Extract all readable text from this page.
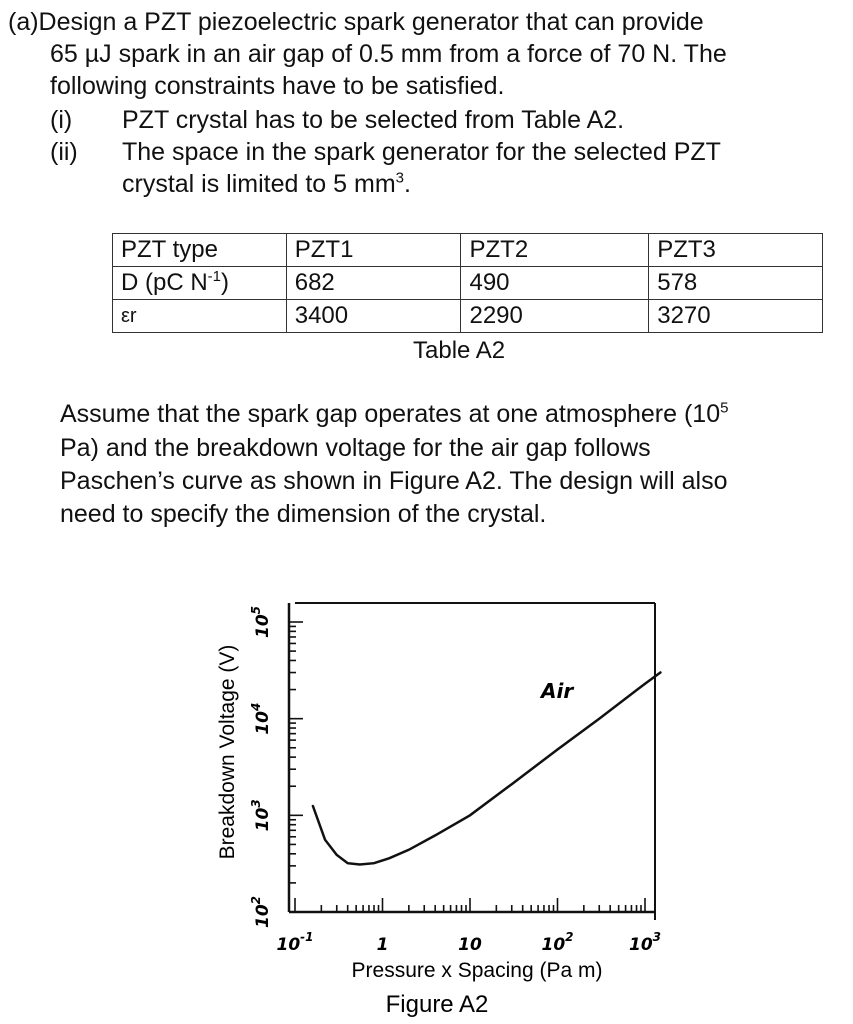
(a)Design a PZT piezoelectric spark generator that can provide
65 µJ spark in an air gap of 0.5 mm from a force of 70 N. The
following constraints have to be satisfied.
(i) PZT crystal has to be selected from Table A2.
(ii) The space in the spark generator for the selected PZT
crystal is limited to 5 $mm^3$.
PZT type	PZT1	PZT2	PZT3
D (pC $N^{-1}$)	682	490	578
εr	3400	2290	3270
Table A2
Assume that the spark gap operates at one atmosphere ($10^5$
Pa) and the breakdown voltage for the air gap follows
Paschen’s curve as shown in Figure A2. The design will also
need to specify the dimension of the crystal.
Air
$10^{-1}$	1	10	$10^2$	$10^3$
$10^5$
$10^4$
$10^3$
$10^2$
Breakdown Voltage (V)
Pressure x Spacing (Pa m)
Figure A2
